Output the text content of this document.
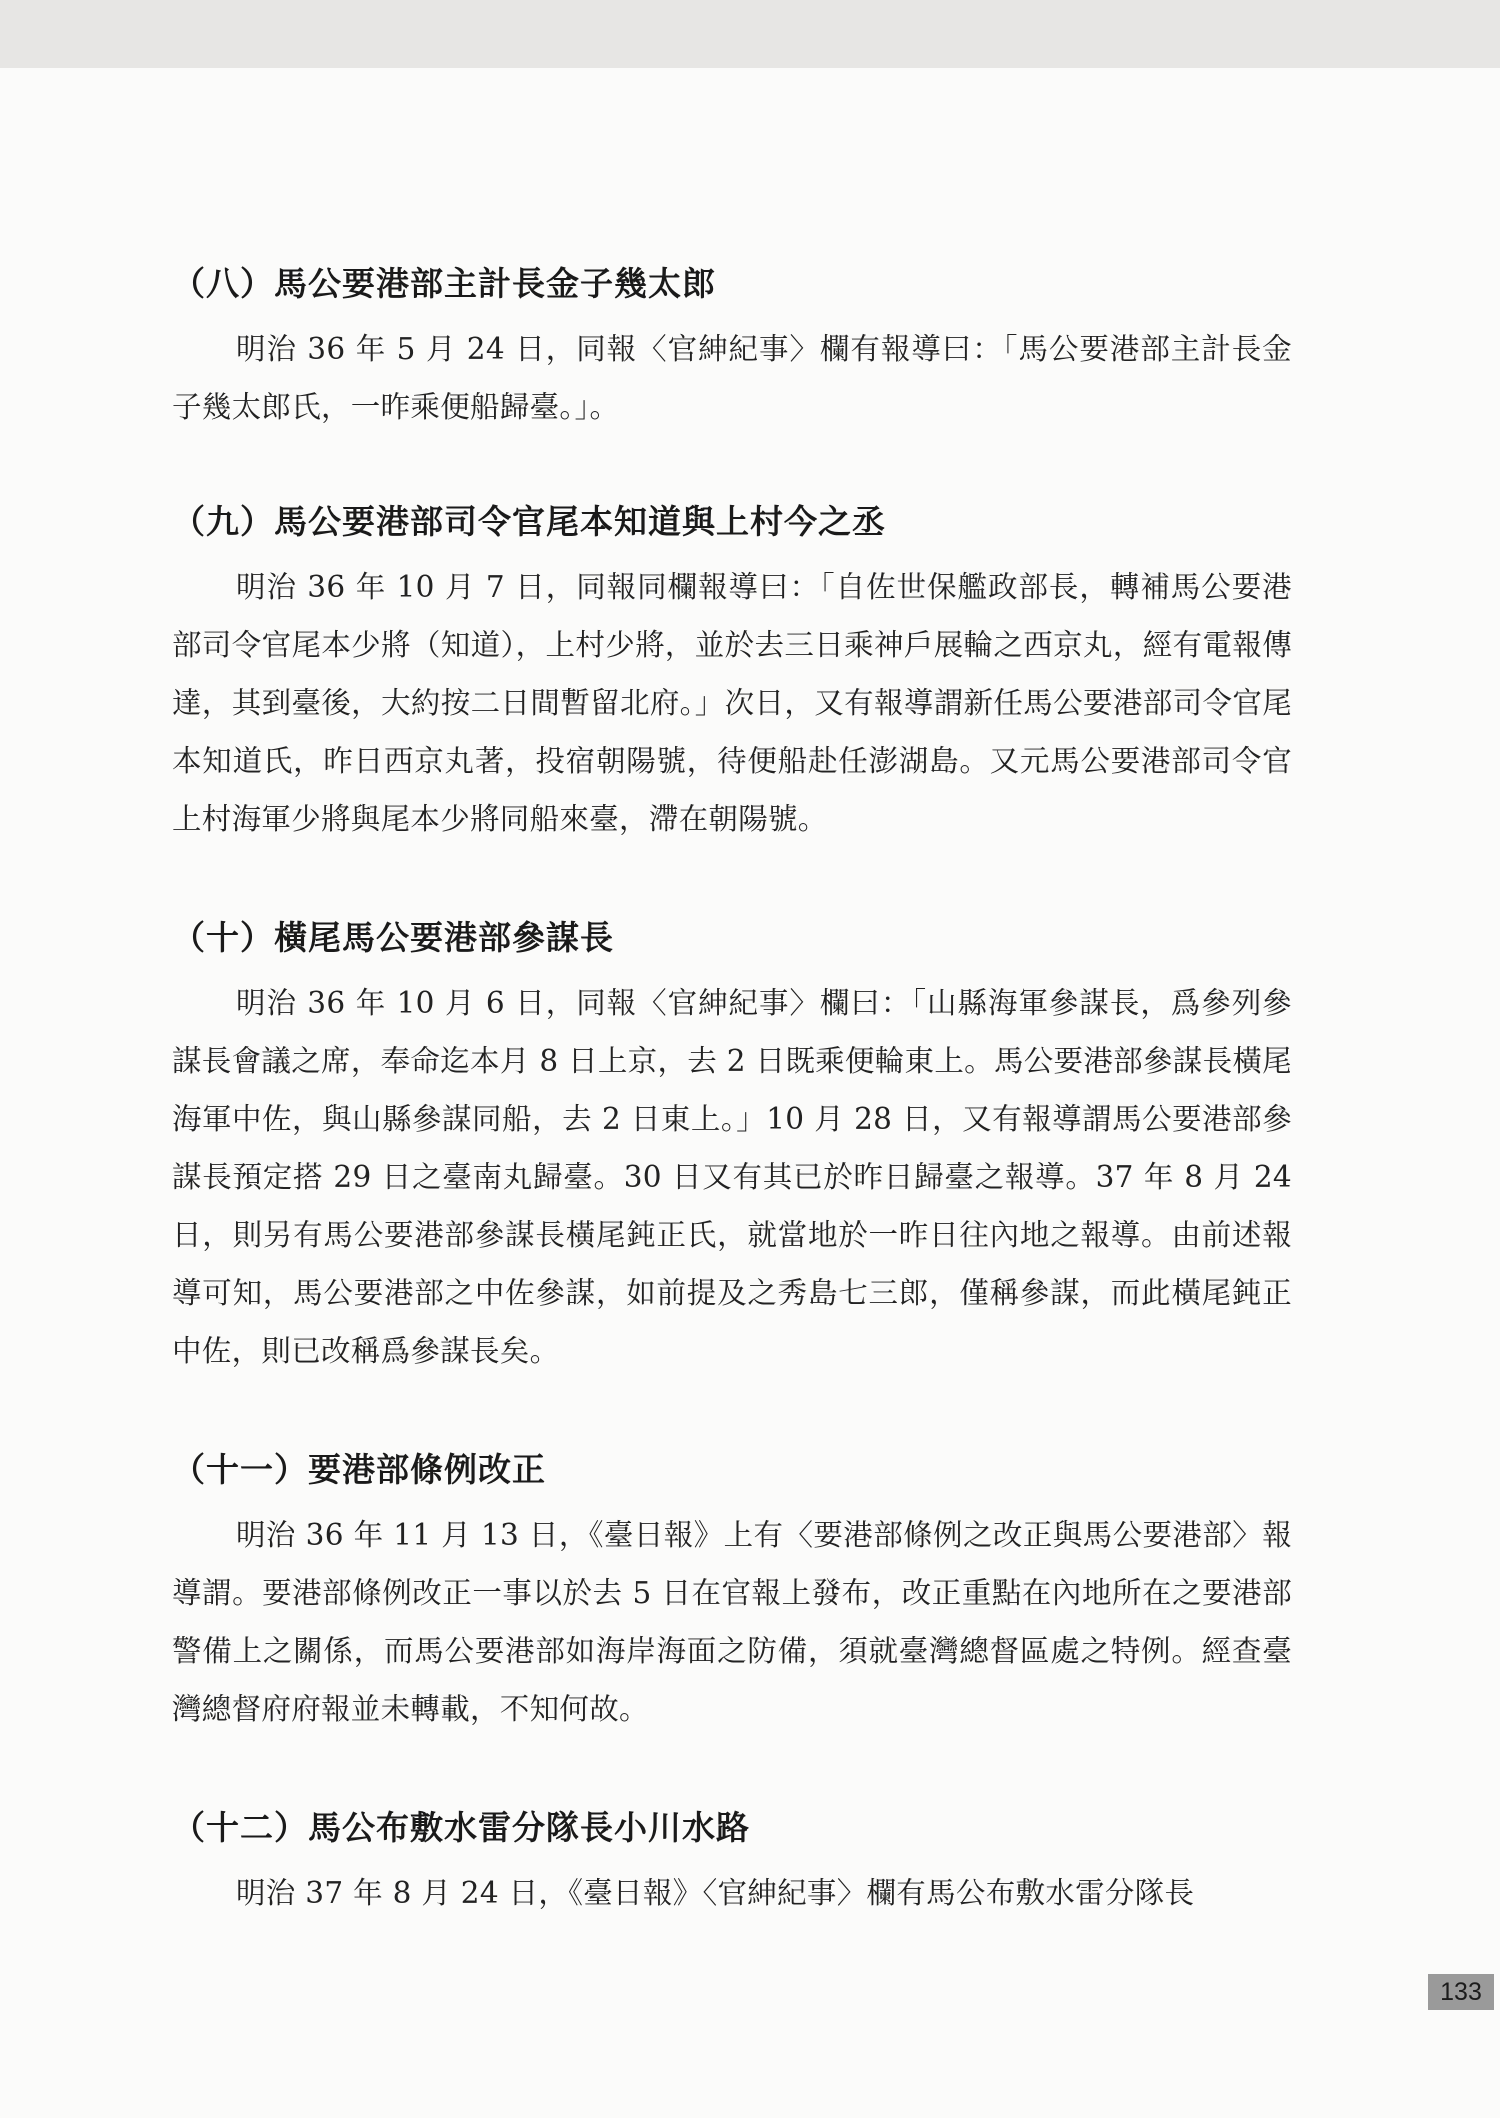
（八）馬公要港部主計長金子幾太郎

明治 36 年 5 月 24 日，同報〈官紳紀事〉欄有報導曰：「馬公要港部主計長金子幾太郎氏，一昨乘便船歸臺。」。

（九）馬公要港部司令官尾本知道與上村今之丞

明治 36 年 10 月 7 日，同報同欄報導曰：「自佐世保艦政部長，轉補馬公要港部司令官尾本少將（知道），上村少將，並於去三日乘神戶展輪之西京丸，經有電報傳達，其到臺後，大約按二日間暫留北府。」次日，又有報導謂新任馬公要港部司令官尾本知道氏，昨日西京丸著，投宿朝陽號，待便船赴任澎湖島。又元馬公要港部司令官上村海軍少將與尾本少將同船來臺，滯在朝陽號。

（十）橫尾馬公要港部參謀長

明治 36 年 10 月 6 日，同報〈官紳紀事〉欄曰：「山縣海軍參謀長，爲參列參謀長會議之席，奉命迄本月 8 日上京，去 2 日既乘便輪東上。馬公要港部參謀長橫尾海軍中佐，與山縣參謀同船，去 2 日東上。」10 月 28 日，又有報導謂馬公要港部參謀長預定搭 29 日之臺南丸歸臺。30 日又有其已於昨日歸臺之報導。37 年 8 月 24 日，則另有馬公要港部參謀長橫尾鈍正氏，就當地於一昨日往內地之報導。由前述報導可知，馬公要港部之中佐參謀，如前提及之秀島七三郎，僅稱參謀，而此橫尾鈍正中佐，則已改稱爲參謀長矣。

（十一）要港部條例改正

明治 36 年 11 月 13 日，《臺日報》上有〈要港部條例之改正與馬公要港部〉報導謂。要港部條例改正一事以於去 5 日在官報上發布，改正重點在內地所在之要港部警備上之關係，而馬公要港部如海岸海面之防備，須就臺灣總督區處之特例。經查臺灣總督府府報並未轉載，不知何故。

（十二）馬公布敷水雷分隊長小川水路

明治 37 年 8 月 24 日，《臺日報》〈官紳紀事〉欄有馬公布敷水雷分隊長

133
